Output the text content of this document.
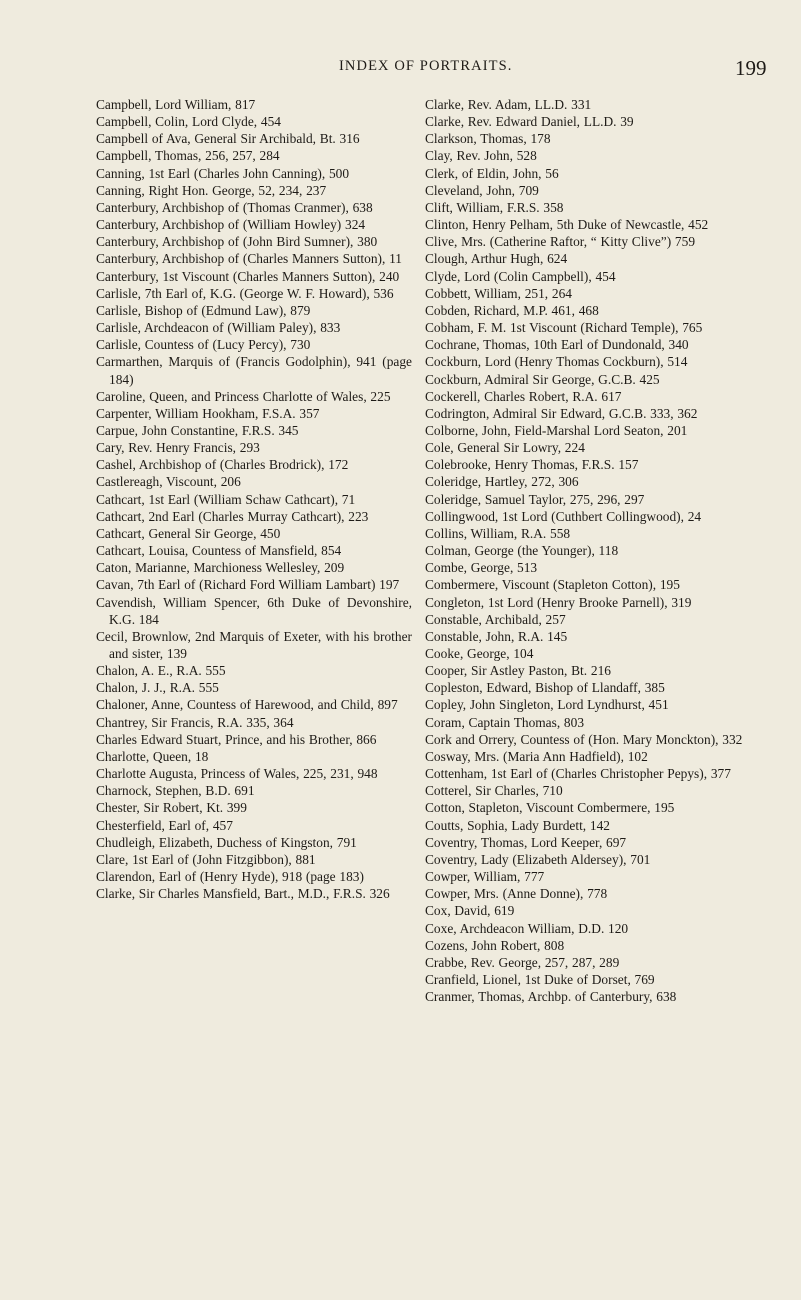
INDEX OF PORTRAITS.	199
Campbell, Lord William, 817
Campbell, Colin, Lord Clyde, 454
Campbell of Ava, General Sir Archibald, Bt. 316
Campbell, Thomas, 256, 257, 284
Canning, 1st Earl (Charles John Canning), 500
Canning, Right Hon. George, 52, 234, 237
Canterbury, Archbishop of (Thomas Cranmer), 638
Canterbury, Archbishop of (William Howley) 324
Canterbury, Archbishop of (John Bird Sumner), 380
Canterbury, Archbishop of (Charles Manners Sutton), 11
Canterbury, 1st Viscount (Charles Manners Sutton), 240
Carlisle, 7th Earl of, K.G. (George W. F. Howard), 536
Carlisle, Bishop of (Edmund Law), 879
Carlisle, Archdeacon of (William Paley), 833
Carlisle, Countess of (Lucy Percy), 730
Carmarthen, Marquis of (Francis Godolphin), 941 (page 184)
Caroline, Queen, and Princess Charlotte of Wales, 225
Carpenter, William Hookham, F.S.A. 357
Carpue, John Constantine, F.R.S. 345
Cary, Rev. Henry Francis, 293
Cashel, Archbishop of (Charles Brodrick), 172
Castlereagh, Viscount, 206
Cathcart, 1st Earl (William Schaw Cathcart), 71
Cathcart, 2nd Earl (Charles Murray Cathcart), 223
Cathcart, General Sir George, 450
Cathcart, Louisa, Countess of Mansfield, 854
Caton, Marianne, Marchioness Wellesley, 209
Cavan, 7th Earl of (Richard Ford William Lambart) 197
Cavendish, William Spencer, 6th Duke of Devonshire, K.G. 184
Cecil, Brownlow, 2nd Marquis of Exeter, with his brother and sister, 139
Chalon, A. E., R.A. 555
Chalon, J. J., R.A. 555
Chaloner, Anne, Countess of Harewood, and Child, 897
Chantrey, Sir Francis, R.A. 335, 364
Charles Edward Stuart, Prince, and his Brother, 866
Charlotte, Queen, 18
Charlotte Augusta, Princess of Wales, 225, 231, 948
Charnock, Stephen, B.D. 691
Chester, Sir Robert, Kt. 399
Chesterfield, Earl of, 457
Chudleigh, Elizabeth, Duchess of Kingston, 791
Clare, 1st Earl of (John Fitzgibbon), 881
Clarendon, Earl of (Henry Hyde), 918 (page 183)
Clarke, Sir Charles Mansfield, Bart., M.D., F.R.S. 326
Clarke, Rev. Adam, LL.D. 331
Clarke, Rev. Edward Daniel, LL.D. 39
Clarkson, Thomas, 178
Clay, Rev. John, 528
Clerk, of Eldin, John, 56
Cleveland, John, 709
Clift, William, F.R.S. 358
Clinton, Henry Pelham, 5th Duke of Newcastle, 452
Clive, Mrs. (Catherine Raftor, “ Kitty Clive”) 759
Clough, Arthur Hugh, 624
Clyde, Lord (Colin Campbell), 454
Cobbett, William, 251, 264
Cobden, Richard, M.P. 461, 468
Cobham, F. M. 1st Viscount (Richard Temple), 765
Cochrane, Thomas, 10th Earl of Dundonald, 340
Cockburn, Lord (Henry Thomas Cockburn), 514
Cockburn, Admiral Sir George, G.C.B. 425
Cockerell, Charles Robert, R.A. 617
Codrington, Admiral Sir Edward, G.C.B. 333, 362
Colborne, John, Field-Marshal Lord Seaton, 201
Cole, General Sir Lowry, 224
Colebrooke, Henry Thomas, F.R.S. 157
Coleridge, Hartley, 272, 306
Coleridge, Samuel Taylor, 275, 296, 297
Collingwood, 1st Lord (Cuthbert Collingwood), 24
Collins, William, R.A. 558
Colman, George (the Younger), 118
Combe, George, 513
Combermere, Viscount (Stapleton Cotton), 195
Congleton, 1st Lord (Henry Brooke Parnell), 319
Constable, Archibald, 257
Constable, John, R.A. 145
Cooke, George, 104
Cooper, Sir Astley Paston, Bt. 216
Copleston, Edward, Bishop of Llandaff, 385
Copley, John Singleton, Lord Lyndhurst, 451
Coram, Captain Thomas, 803
Cork and Orrery, Countess of (Hon. Mary Monckton), 332
Cosway, Mrs. (Maria Ann Hadfield), 102
Cottenham, 1st Earl of (Charles Christopher Pepys), 377
Cotterel, Sir Charles, 710
Cotton, Stapleton, Viscount Combermere, 195
Coutts, Sophia, Lady Burdett, 142
Coventry, Thomas, Lord Keeper, 697
Coventry, Lady (Elizabeth Aldersey), 701
Cowper, William, 777
Cowper, Mrs. (Anne Donne), 778
Cox, David, 619
Coxe, Archdeacon William, D.D. 120
Cozens, John Robert, 808
Crabbe, Rev. George, 257, 287, 289
Cranfield, Lionel, 1st Duke of Dorset, 769
Cranmer, Thomas, Archbp. of Canterbury, 638
